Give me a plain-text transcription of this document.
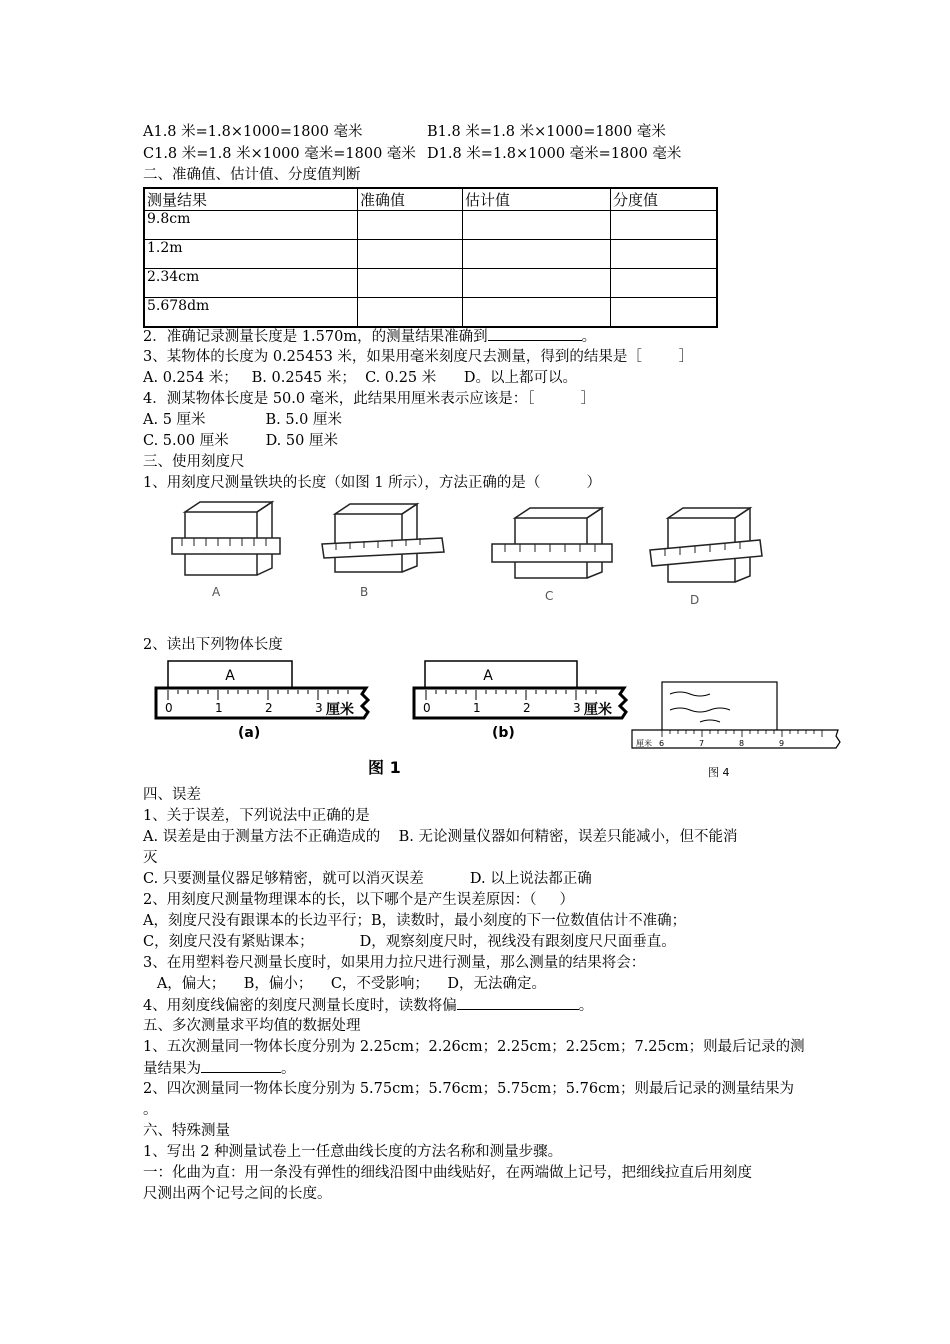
A1.8 米=1.8×1000=1800 毫米	B1.8 米=1.8 米×1000=1800 毫米
C1.8 米=1.8 米×1000 毫米=1800 毫米 D1.8 米=1.8×1000 毫米=1800 毫米
二、准确值、估计值、分度值判断
测量结果	准确值	估计值	分度值
9.8cm			
1.2m			
2.34cm			
5.678dm			
2．准确记录测量长度是 1.570m，的测量结果准确到	。
3、某物体的长度为 0.25453 米，如果用毫米刻度尺去测量，得到的结果是［        ］
A. 0.254 米；   B. 0.2545 米；  C. 0.25 米      D。以上都可以。
4．测某物体长度是 50.0 毫米，此结果用厘米表示应该是：［          ］
A. 5 厘米             B. 5.0 厘米
C. 5.00 厘米        D. 50 厘米
三、使用刻度尺
1、用刻度尺测量铁块的长度（如图 1 所示），方法正确的是（          ）
A	B	C	D
2、读出下列物体长度
A
0	1	2	3 厘米
(a)
A
0	1	2	3 厘米
(b)
厘米 6	7	8	9
图 4
图 1
四、误差
1、关于误差，下列说法中正确的是
A. 误差是由于测量方法不正确造成的    B. 无论测量仪器如何精密，误差只能减小，但不能消
灭
C. 只要测量仪器足够精密，就可以消灭误差          D. 以上说法都正确
2、用刻度尺测量物理课本的长，以下哪个是产生误差原因：（     ）
A，刻度尺没有跟课本的长边平行；B，读数时，最小刻度的下一位数值估计不准确；
C，刻度尺没有紧贴课本；          D，观察刻度尺时，视线没有跟刻度尺尺面垂直。
3、在用塑料卷尺测量长度时，如果用力拉尺进行测量，那么测量的结果将会：
A，偏大；    B，偏小；    C，不受影响；    D，无法确定。
4、用刻度线偏密的刻度尺测量长度时，读数将偏	。
五、多次测量求平均值的数据处理
1、五次测量同一物体长度分别为 2.25cm；2.26cm；2.25cm；2.25cm；7.25cm；则最后记录的测
量结果为	。
2、四次测量同一物体长度分别为 5.75cm；5.76cm；5.75cm；5.76cm；则最后记录的测量结果为
。
六、特殊测量
1、写出 2 种测量试卷上一任意曲线长度的方法名称和测量步骤。
一：化曲为直：用一条没有弹性的细线沿图中曲线贴好，在两端做上记号，把细线拉直后用刻度
尺测出两个记号之间的长度。
